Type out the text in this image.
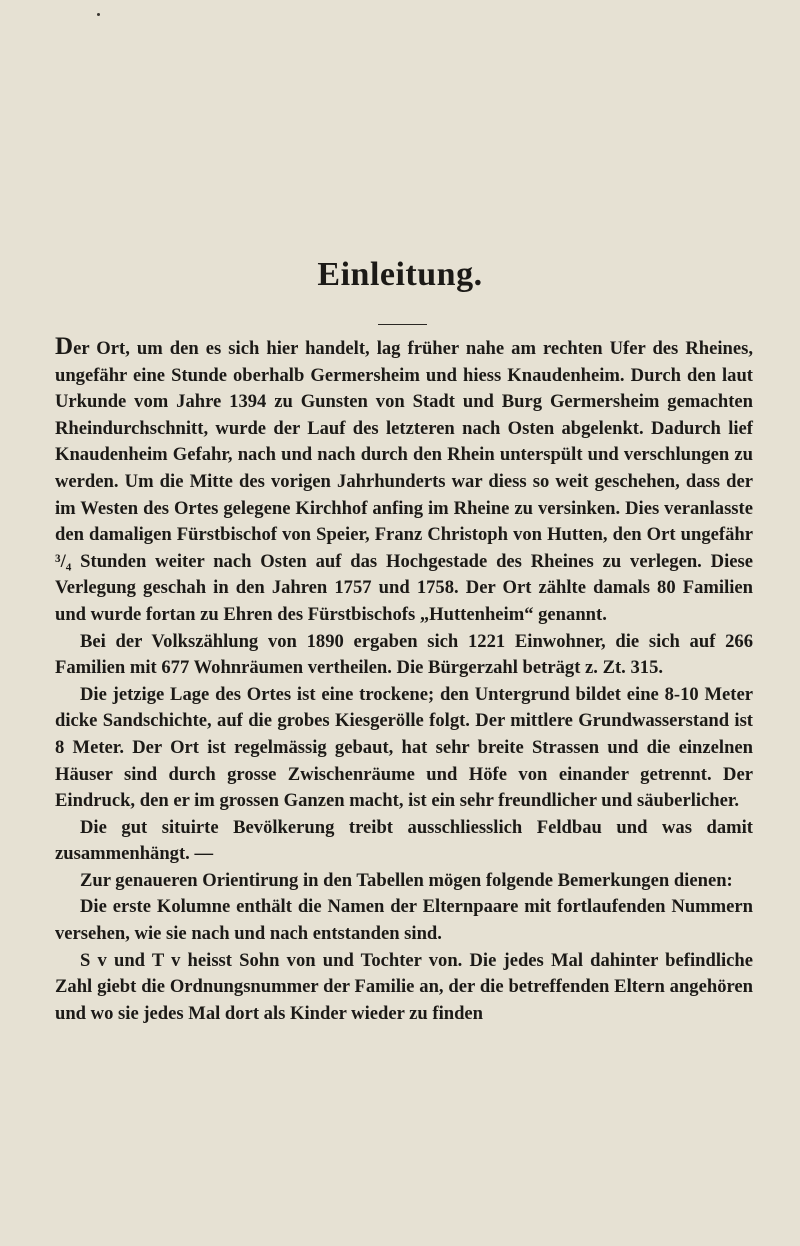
Einleitung.

Der Ort, um den es sich hier handelt, lag früher nahe am rechten Ufer des Rheines, ungefähr eine Stunde oberhalb Germersheim und hiess Knaudenheim. Durch den laut Urkunde vom Jahre 1394 zu Gunsten von Stadt und Burg Germersheim gemachten Rheindurchschnitt, wurde der Lauf des letzteren nach Osten abgelenkt. Dadurch lief Knaudenheim Gefahr, nach und nach durch den Rhein unterspült und verschlungen zu werden. Um die Mitte des vorigen Jahrhunderts war diess so weit geschehen, dass der im Westen des Ortes gelegene Kirchhof anfing im Rheine zu versinken. Dies veranlasste den damaligen Fürstbischof von Speier, Franz Christoph von Hutten, den Ort ungefähr ³/₄ Stunden weiter nach Osten auf das Hochgestade des Rheines zu verlegen. Diese Verlegung geschah in den Jahren 1757 und 1758. Der Ort zählte damals 80 Familien und wurde fortan zu Ehren des Fürstbischofs „Huttenheim“ genannt.

Bei der Volkszählung von 1890 ergaben sich 1221 Einwohner, die sich auf 266 Familien mit 677 Wohnräumen vertheilen. Die Bürgerzahl beträgt z. Zt. 315.

Die jetzige Lage des Ortes ist eine trockene; den Untergrund bildet eine 8-10 Meter dicke Sandschichte, auf die grobes Kiesgerölle folgt. Der mittlere Grundwasserstand ist 8 Meter. Der Ort ist regelmässig gebaut, hat sehr breite Strassen und die einzelnen Häuser sind durch grosse Zwischenräume und Höfe von einander getrennt. Der Eindruck, den er im grossen Ganzen macht, ist ein sehr freundlicher und säuberlicher.

Die gut situirte Bevölkerung treibt ausschliesslich Feldbau und was damit zusammenhängt. —

Zur genaueren Orientirung in den Tabellen mögen folgende Bemerkungen dienen:

Die erste Kolumne enthält die Namen der Elternpaare mit fortlaufenden Nummern versehen, wie sie nach und nach entstanden sind.

S v und T v heisst Sohn von und Tochter von. Die jedes Mal dahinter befindliche Zahl giebt die Ordnungsnummer der Familie an, der die betreffenden Eltern angehören und wo sie jedes Mal dort als Kinder wieder zu finden
